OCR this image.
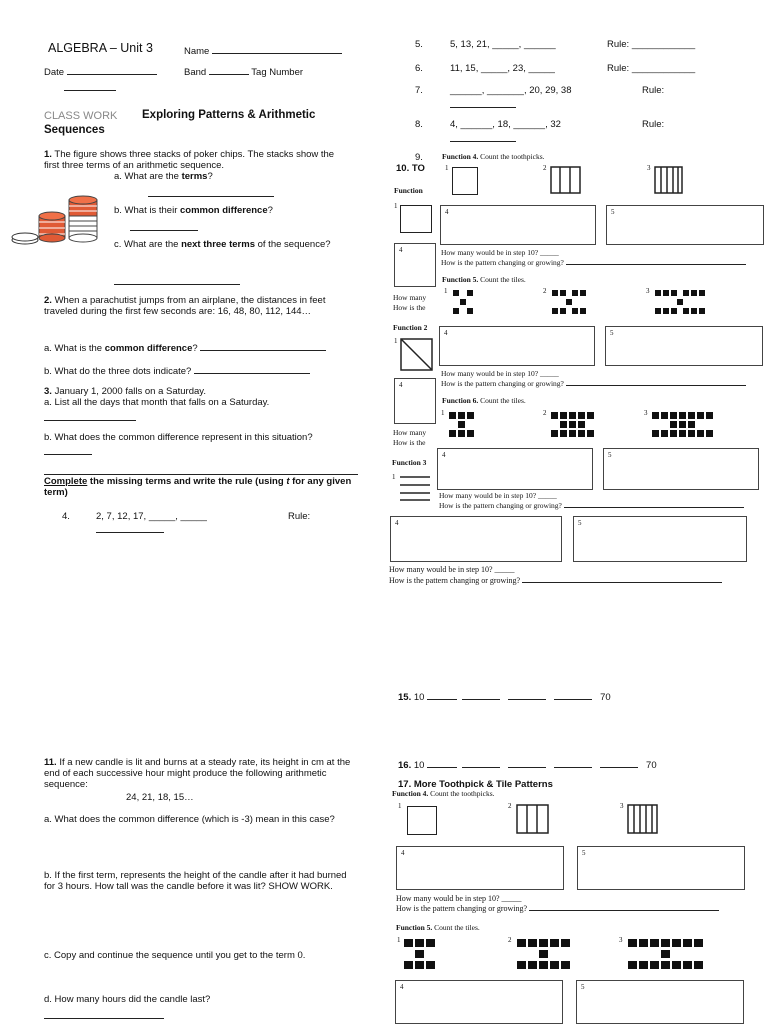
ALGEBRA – Unit 3	Name
Date	Band	Tag Number
CLASS WORK Exploring Patterns & Arithmetic
Sequences
1. The figure shows three stacks of poker chips. The stacks show the first three terms of an arithmetic sequence.
a. What are the terms?
b. What is their common difference?
c. What are the next three terms of the sequence?
2. When a parachutist jumps from an airplane, the distances in feet traveled during the first few seconds are: 16, 48, 80, 112, 144…
a. What is the common difference?
b. What do the three dots indicate?
3. January 1, 2000 falls on a Saturday.
a. List all the days that month that falls on a Saturday.
b. What does the common difference represent in this situation?
Complete the missing terms and write the rule (using t for any given term)
4.	2, 7, 12, 17, _____, _____	Rule:
11. If a new candle is lit and burns at a steady rate, its height in cm at the end of each successive hour might produce the following arithmetic sequence:
24, 21, 18, 15…
a. What does the common difference (which is -3) mean in this case?
b. If the first term, represents the height of the candle after it had burned for 3 hours. How tall was the candle before it was lit? SHOW WORK.
c. Copy and continue the sequence until you get to the term 0.
d. How many hours did the candle last?
5.	5, 13, 21, _____, ______	Rule: ____________
6.	11, 15, _____, 23, _____	Rule: ____________
7.	______, _______, 20, 29, 38	Rule:
8.	4, ______, 18, ______, 32	Rule:
9.
10. TO
Function
1
4
How many
How is the
Function 2
1
4
How many
How is the
Function 3
1
Function 4. Count the toothpicks.
1	2	3
4	5
How many would be in step 10? _____
How is the pattern changing or growing?
Function 5. Count the tiles.
1	2	3
4	5
How many would be in step 10? _____
How is the pattern changing or growing?
Function 6. Count the tiles.
1	2	3
4	5
How many would be in step 10? _____
How is the pattern changing or growing?
4	5
How many would be in step 10? _____
How is the pattern changing or growing?
15. 10	70
16. 10	70
17. More Toothpick & Tile Patterns
Function 4. Count the toothpicks.
1	2	3
4	5
How many would be in step 10? _____
How is the pattern changing or growing?
Function 5. Count the tiles.
1	2	3
4	5
